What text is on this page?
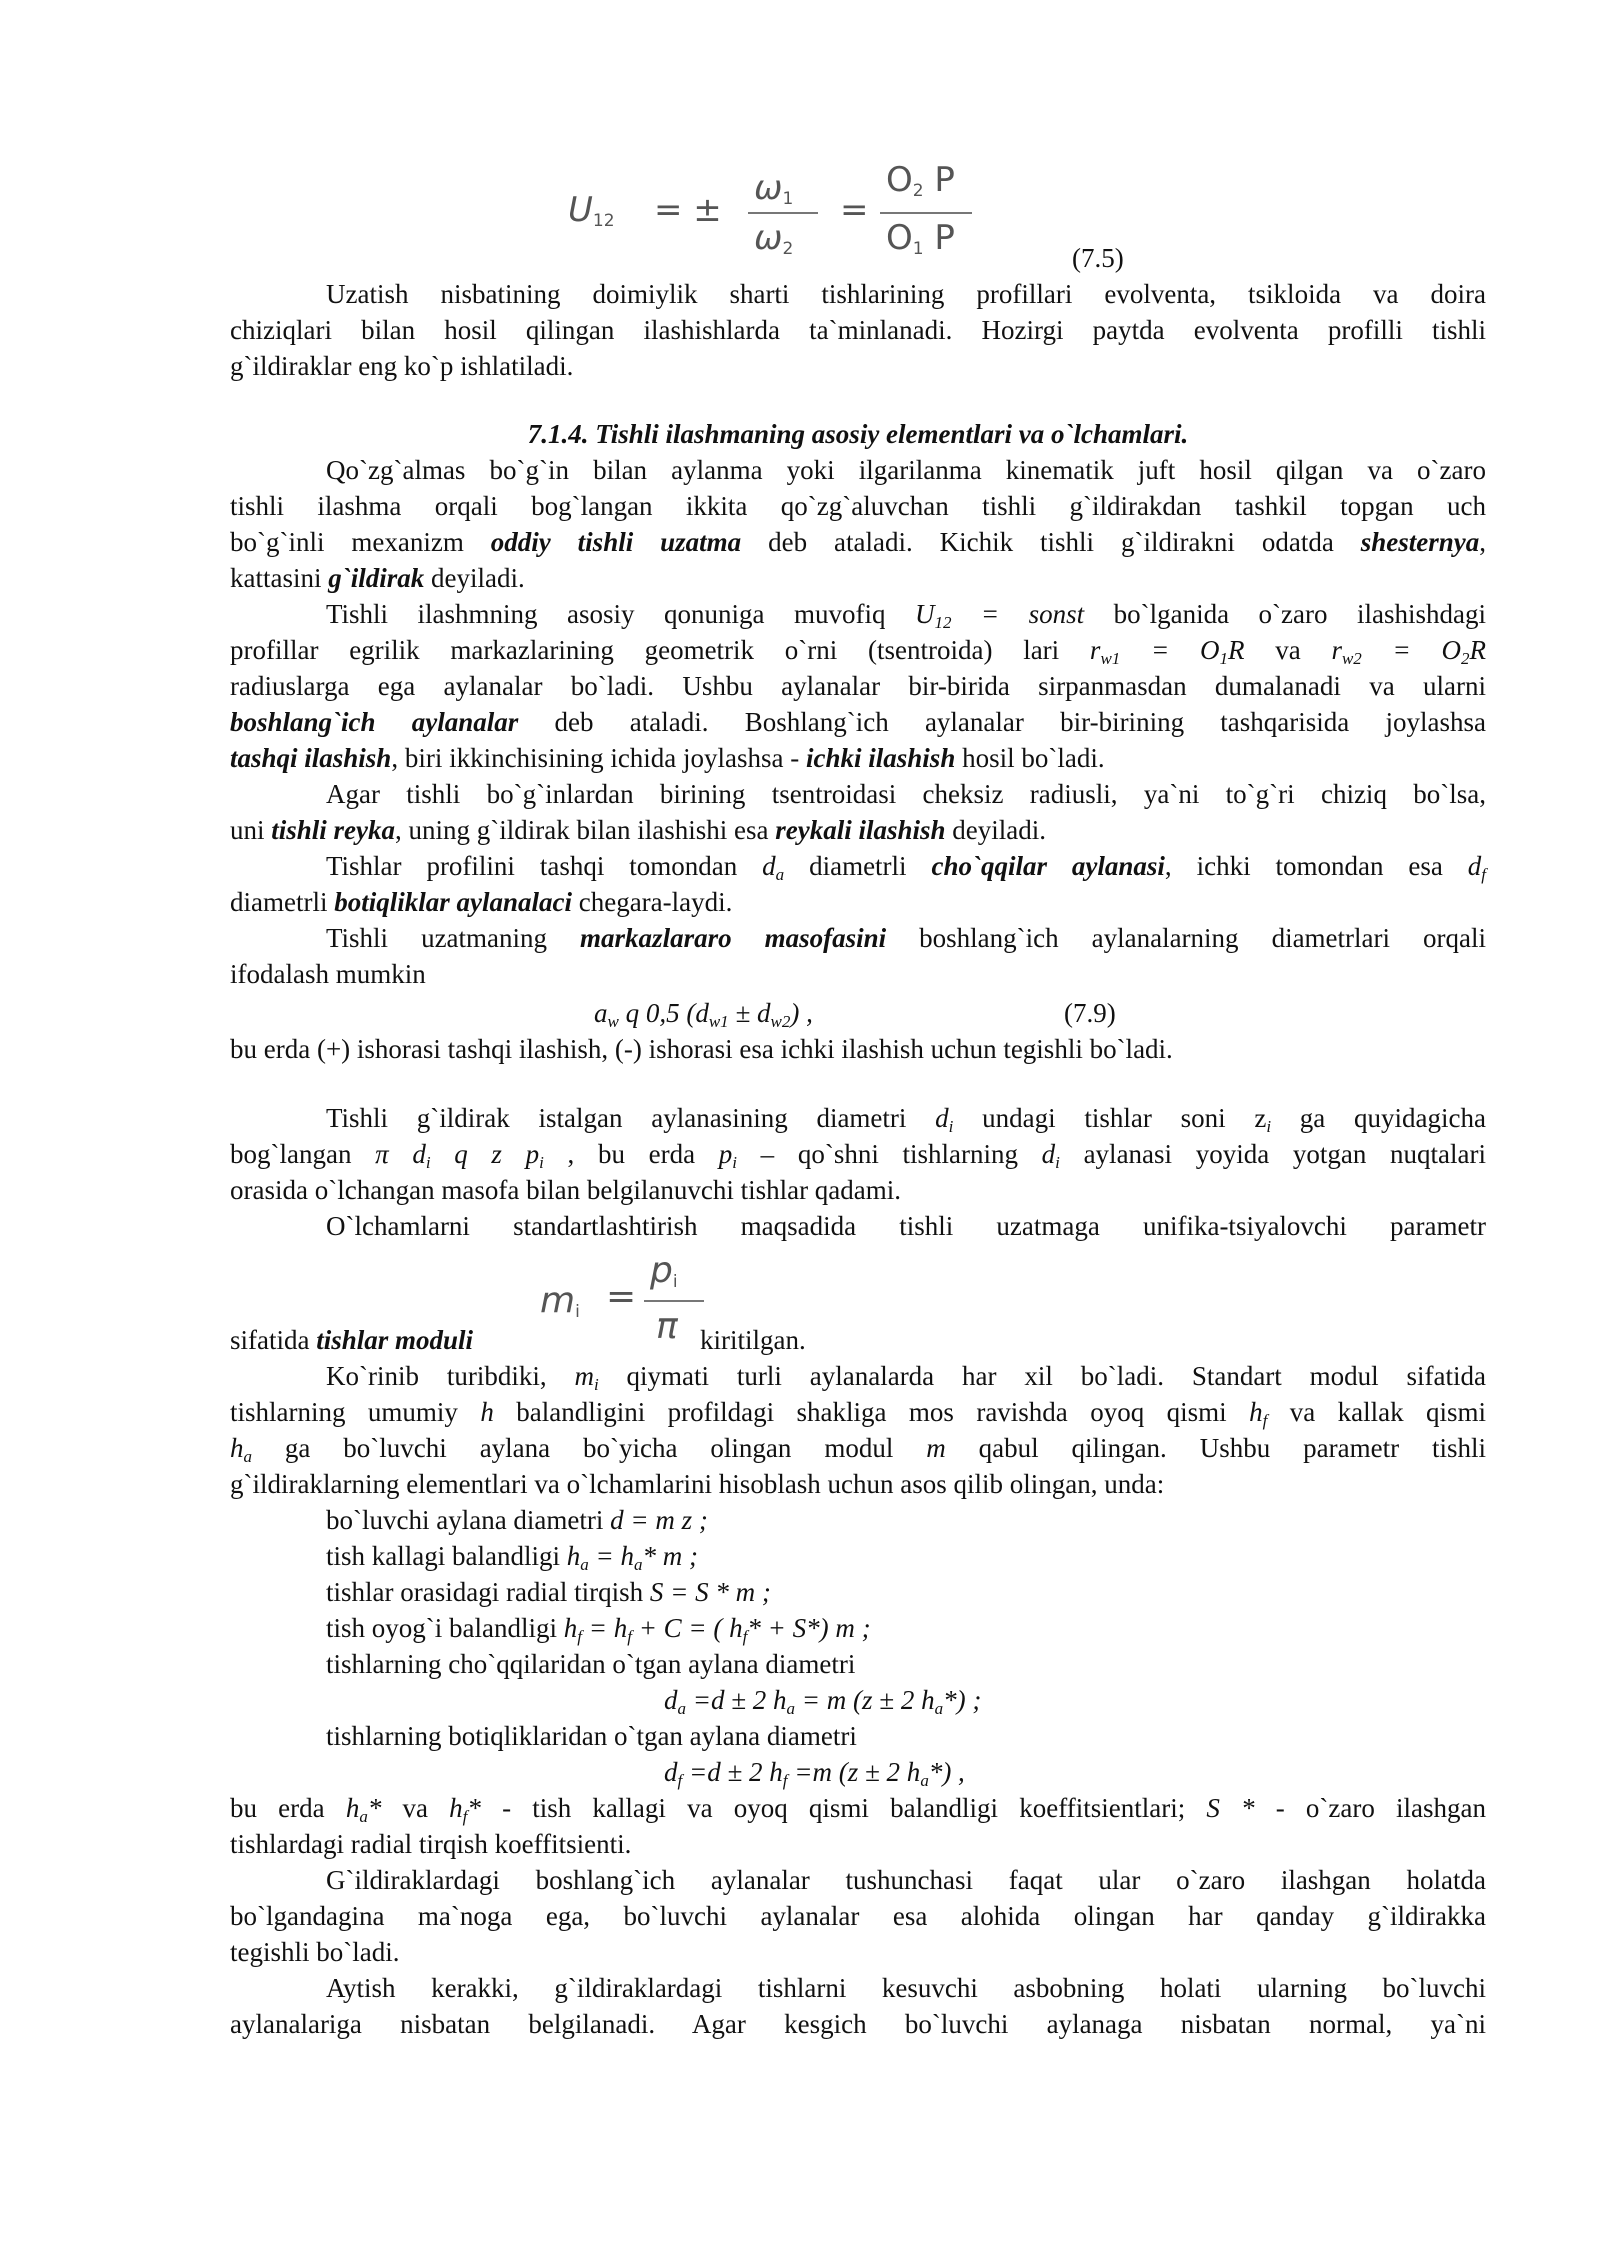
$U_{12}$ = ±
$\omega_1$
$\omega_2$
=
$O_2$ P
$O_1$ P	(7.5)
Uzatish nisbatining doimiylik sharti tishlarining profillari evolventa, tsikloida va doira
chiziqlari bilan hosil qilingan ilashishlarda ta`minlanadi. Hozirgi paytda evolventa profilli tishli
g`ildiraklar eng ko`p ishlatiladi.
7.1.4. Tishli ilashmaning asosiy elementlari va o`lchamlari.
Qo`zg`almas bo`g`in bilan aylanma yoki ilgarilanma kinematik juft hosil qilgan va o`zaro
tishli ilashma orqali bog`langan ikkita qo`zg`aluvchan tishli g`ildirakdan tashkil topgan uch
bo`g`inli mexanizm oddiy tishli uzatma deb ataladi. Kichik tishli g`ildirakni odatda shesternya,
kattasini g`ildirak deyiladi.
Tishli ilashmning asosiy qonuniga muvofiq $U_{12}$ = sonst bo`lganida o`zaro ilashishdagi
profillar egrilik markazlarining geometrik o`rni (tsentroida) lari $r_{w1} = O_1R$ va $r_{w2} = O_2R$
radiuslarga ega aylanalar bo`ladi. Ushbu aylanalar bir-birida sirpanmasdan dumalanadi va ularni
boshlang`ich aylanalar deb ataladi. Boshlang`ich aylanalar bir-birining tashqarisida joylashsa
tashqi ilashish, biri ikkinchisining ichida joylashsa - ichki ilashish hosil bo`ladi.
Agar tishli bo`g`inlardan birining tsentroidasi cheksiz radiusli, ya`ni to`g`ri chiziq bo`lsa,
uni tishli reyka, uning g`ildirak bilan ilashishi esa reykali ilashish deyiladi.
Tishlar profilini tashqi tomondan $d_a$ diametrli cho`qqilar aylanasi, ichki tomondan esa $d_f$
diametrli botiqliklar aylanalaci chegara-laydi.
Tishli uzatmaning markazlararo masofasini boshlang`ich aylanalarning diametrlari orqali
ifodalash mumkin
$a_w$ q 0,5 $(d_{w1} \pm d_{w2})$ ,	(7.9)
bu erda (+) ishorasi tashqi ilashish, (-) ishorasi esa ichki ilashish uchun tegishli bo`ladi.
Tishli g`ildirak istalgan aylanasining diametri $d_i$ undagi tishlar soni $z_i$ ga quyidagicha
bog`langan π $d_i$ q z $p_i$ , bu erda $p_i$ – qo`shni tishlarning $d_i$ aylanasi yoyida yotgan nuqtalari
orasida o`lchangan masofa bilan belgilanuvchi tishlar qadami.
O`lchamlarni standartlashtirish maqsadida tishli uzatmaga unifika-tsiyalovchi parametr
$m_i$ =
$p_i$
π
sifatida tishlar moduli	kiritilgan.
Ko`rinib turibdiki, $m_i$ qiymati turli aylanalarda har xil bo`ladi. Standart modul sifatida
tishlarning umumiy h balandligini profildagi shakliga mos ravishda oyoq qismi $h_f$ va kallak qismi
$h_a$ ga bo`luvchi aylana bo`yicha olingan modul m qabul qilingan. Ushbu parametr tishli
g`ildiraklarning elementlari va o`lchamlarini hisoblash uchun asos qilib olingan, unda:
bo`luvchi aylana diametri d = m z ;
tish kallagi balandligi $h_a = h_a*$ m ;
tishlar orasidagi radial tirqish S = S * m ;
tish oyog`i balandligi $h_f = h_f + C$ = ( $h_f* + S*$) m ;
tishlarning cho`qqilaridan o`tgan aylana diametri
$d_a =d \pm 2$ $h_a = m$ (z ± 2 $h_a*$) ;
tishlarning botiqliklaridan o`tgan aylana diametri
$d_f =d \pm 2$ $h_f =m$ (z ± 2 $h_a*$) ,
bu erda $h_a*$ va $h_f*$ - tish kallagi va oyoq qismi balandligi koeffitsientlari; S * - o`zaro ilashgan
tishlardagi radial tirqish koeffitsienti.
G`ildiraklardagi boshlang`ich aylanalar tushunchasi faqat ular o`zaro ilashgan holatda
bo`lgandagina ma`noga ega, bo`luvchi aylanalar esa alohida olingan har qanday g`ildirakka
tegishli bo`ladi.
Aytish kerakki, g`ildiraklardagi tishlarni kesuvchi asbobning holati ularning bo`luvchi
aylanalariga nisbatan belgilanadi. Agar kesgich bo`luvchi aylanaga nisbatan normal, ya`ni
